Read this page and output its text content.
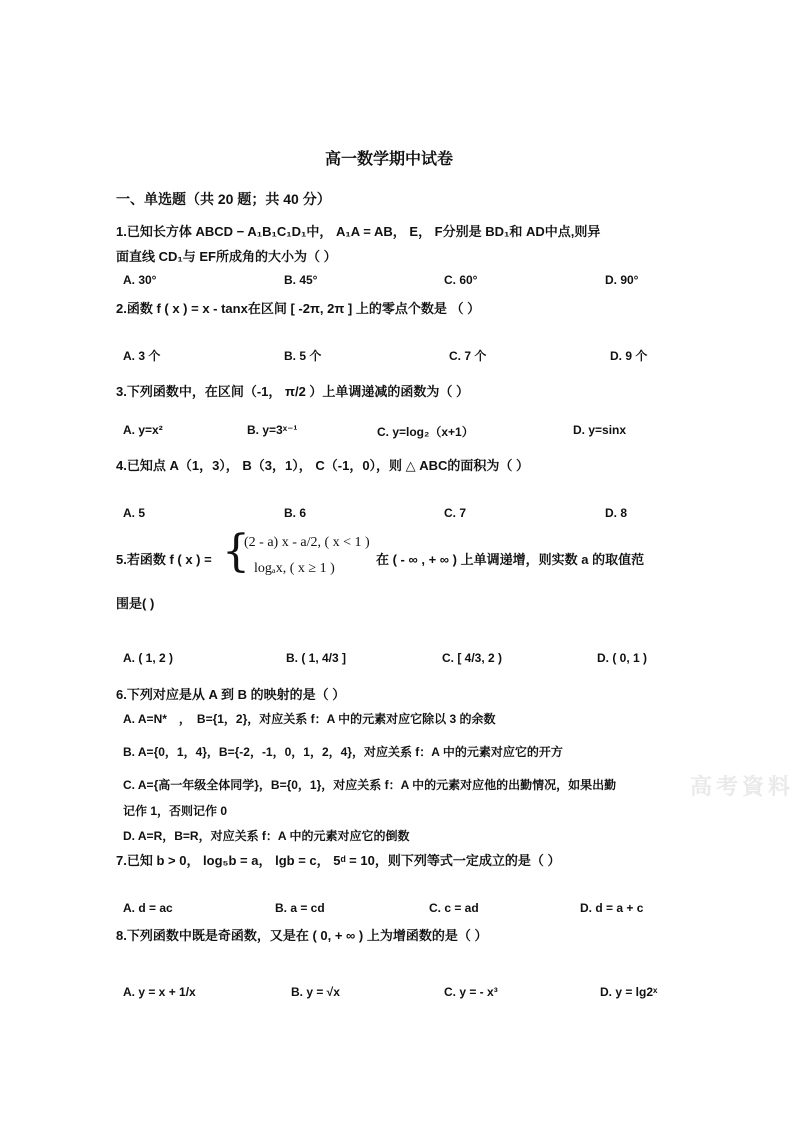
高一数学期中试卷
一、单选题（共 20 题；共 40 分）
高考資料
1.已知长方体 ABCD − A₁B₁C₁D₁中， A₁A = AB， E， F分别是 BD₁和 AD中点,则异
面直线 CD₁与 EF所成角的大小为（ ）
A. 30°	B. 45°	C. 60°	D. 90°
2.函数 f ( x ) = x - tanx在区间 [ -2π, 2π ] 上的零点个数是 （ ）
A. 3 个	B. 5 个	C. 7 个	D. 9 个
3.下列函数中，在区间（-1， π/2 ）上单调递减的函数为（ ）
A. y=x²	B. y=3ˣ⁻¹	C. y=log₂（x+1）	D. y=sinx
4.已知点 A（1，3）， B（3，1）， C（-1，0），则 △ ABC的面积为（ ）
A. 5	B. 6	C. 7	D. 8
5.若函数 f ( x ) = {
(2 - a) x - a/2, ( x < 1 )
logₐx, ( x ≥ 1 )
在 ( - ∞ , + ∞ ) 上单调递增，则实数 a 的取值范
围是( )
A. ( 1, 2 )	B. ( 1, 4/3 ]	C. [ 4/3, 2 )	D. ( 0, 1 )
6.下列对应是从 A 到 B 的映射的是（ ）
A. A=N*　，　B={1，2}，对应关系 f：A 中的元素对应它除以 3 的余数
B. A={0，1，4}，B={-2，-1，0，1，2，4}，对应关系 f：A 中的元素对应它的开方
C. A={高一年级全体同学}，B={0，1}，对应关系 f：A 中的元素对应他的出勤情况，如果出勤
记作 1，否则记作 0
D. A=R，B=R，对应关系 f：A 中的元素对应它的倒数
7.已知 b > 0， log₅b = a， lgb = c， 5ᵈ = 10，则下列等式一定成立的是（ ）
A. d = ac	B. a = cd	C. c = ad	D. d = a + c
8.下列函数中既是奇函数，又是在 ( 0, + ∞ ) 上为增函数的是（ ）
A. y = x + 1/x	B. y = √x	C. y = - x³	D. y = lg2ˣ
